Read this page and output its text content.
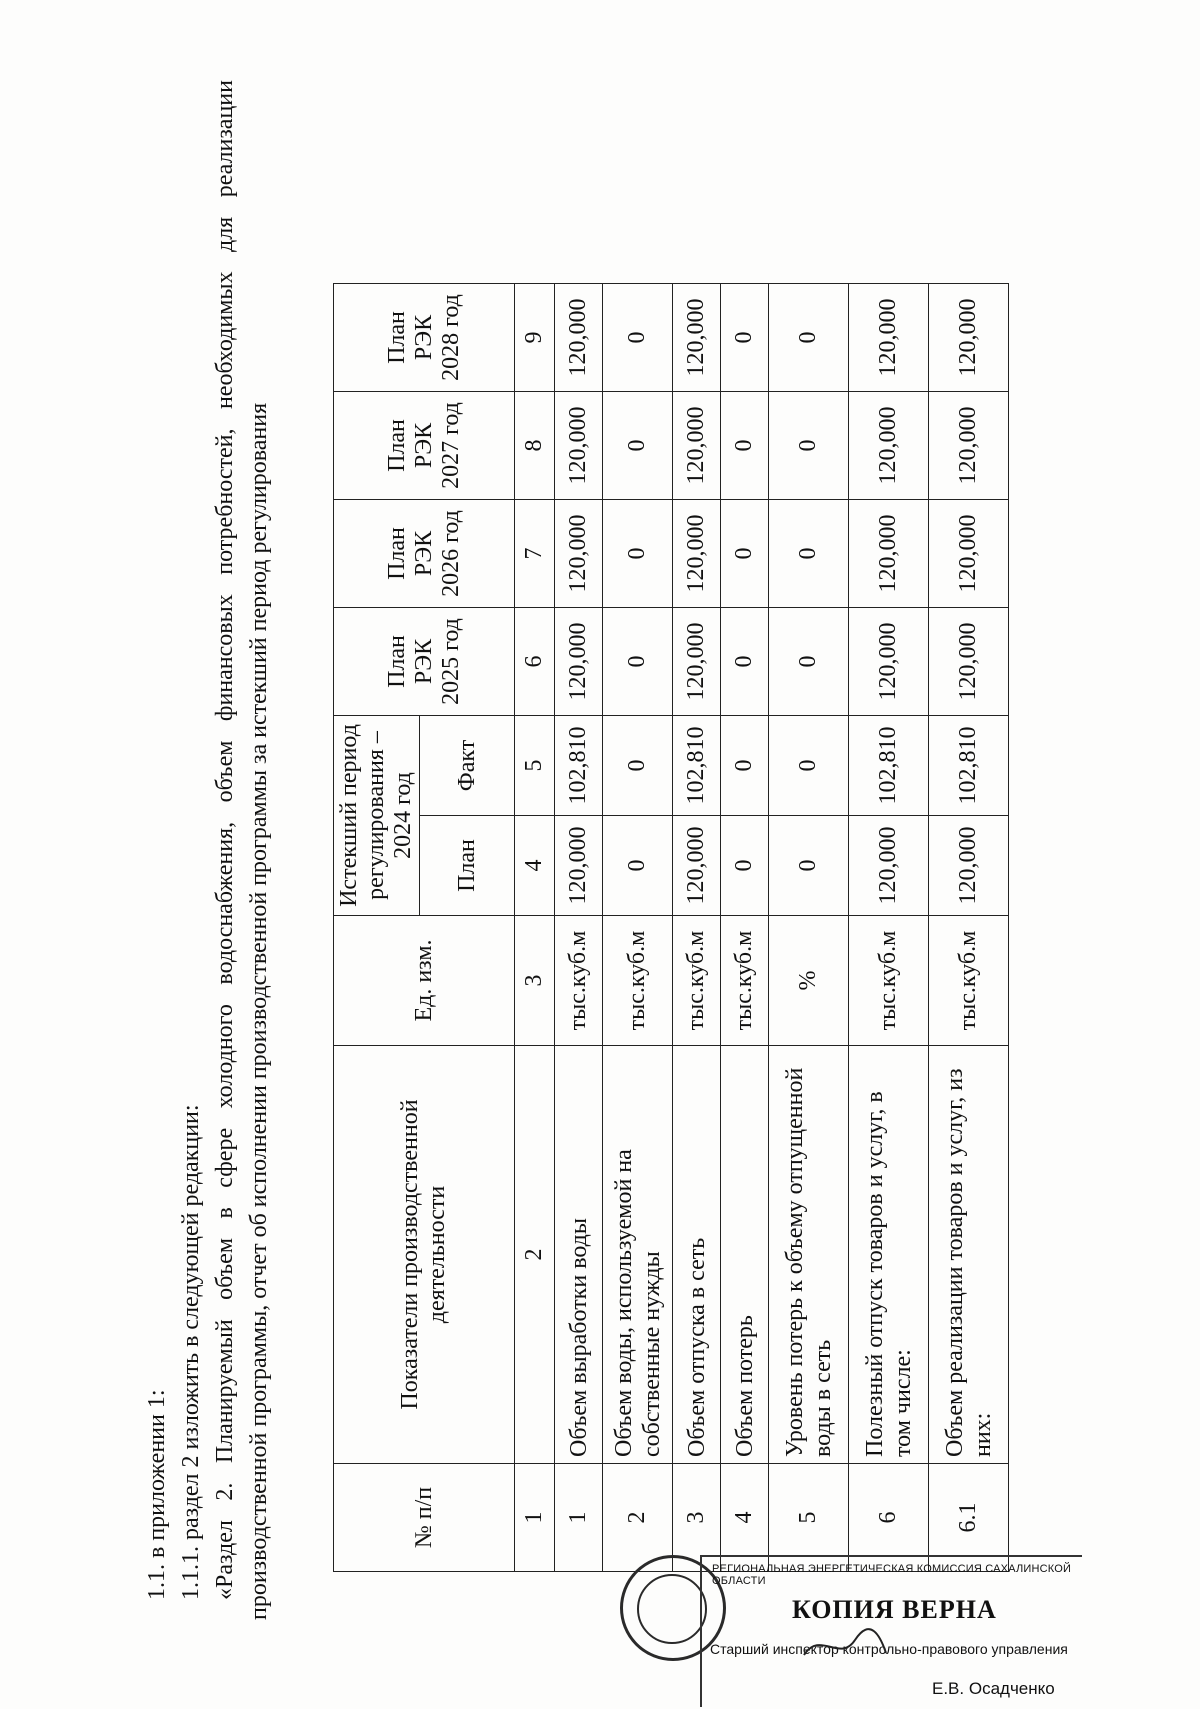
1.1. в приложении 1: 1.1.1. раздел 2 изложить в следующей редакции: «Раздел 2. Планируемый объем в сфере холодного водоснабжения, объем финансовых потребностей, необходимых для реализации производственной программы, отчет об исполнении производственной программы за истекший период регулирования	№ п/п	Показатели производственной деятельности	Ед. изм.	Истекший период регулирования – 2024 год		План РЭК 2025 год	План РЭК 2026 год	План РЭК 2027 год	План РЭК 2028 год
			План	Факт				
1	2	3	4	5	6	7	8	9
1	Объем выработки воды	тыс.куб.м	120,000	102,810	120,000	120,000	120,000	120,000
2	Объем воды, используемой на собственные нужды	тыс.куб.м	0	0	0	0	0	0
3	Объем отпуска в сеть	тыс.куб.м	120,000	102,810	120,000	120,000	120,000	120,000
4	Объем потерь	тыс.куб.м	0	0	0	0	0	0
5	Уровень потерь к объему отпущенной воды в сеть	%	0	0	0	0	0	0
6	Полезный отпуск товаров и услуг, в том числе:	тыс.куб.м	120,000	102,810	120,000	120,000	120,000	120,000
6.1	Объем реализации товаров и услуг, из них:	тыс.куб.м	120,000	102,810	120,000	120,000	120,000	120,000
РЕГИОНАЛЬНАЯ ЭНЕРГЕТИЧЕСКАЯ КОМИССИЯ САХАЛИНСКОЙ ОБЛАСТИ
КОПИЯ ВЕРНА
Старший инспектор контрольно-правового управления
Е.В. Осадченко
